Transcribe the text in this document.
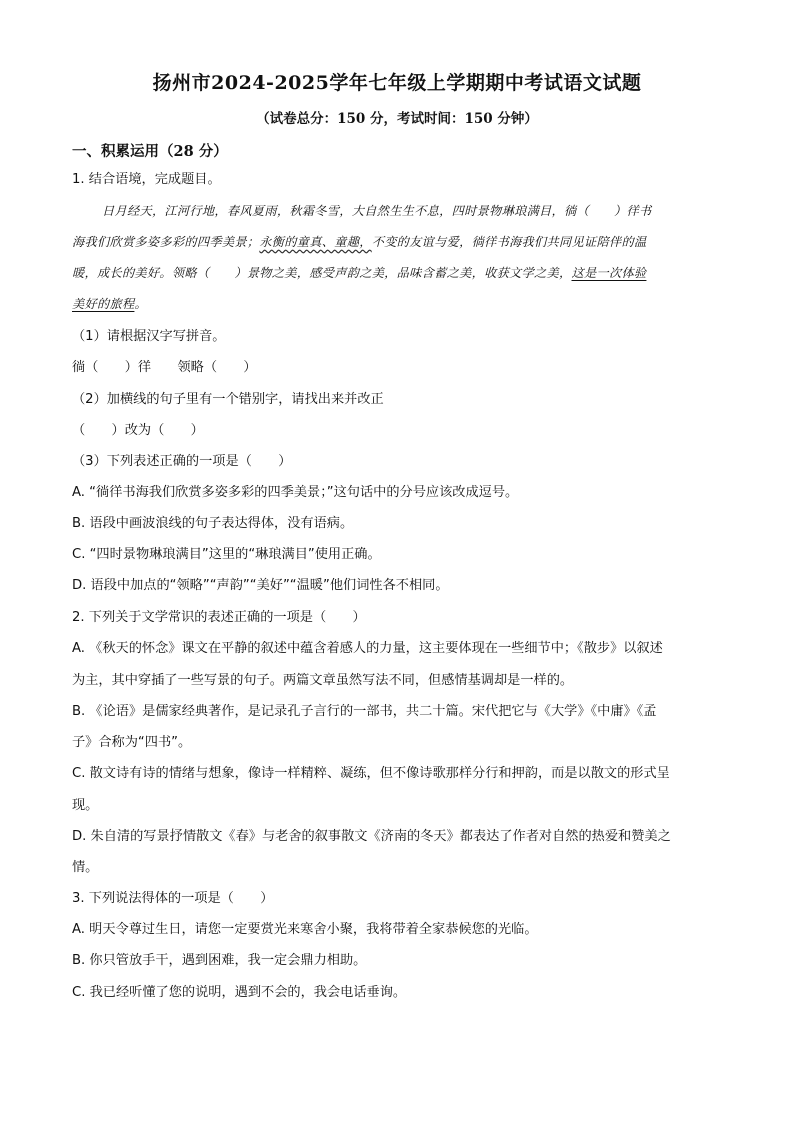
扬州市2024-2025学年七年级上学期期中考试语文试题
（试卷总分：150 分，考试时间：150 分钟）
一、积累运用（28 分）
1. 结合语境，完成题目。
日月经天，江河行地，春风夏雨，秋霜冬雪，大自然生生不息，四时景物琳琅满目，徜（　　）徉书
海我们欣赏多姿多彩的四季美景；永衡的童真、童趣，不变的友谊与爱，徜徉书海我们共同见证陪伴的温
暖，成长的美好。领略（　　）景物之美，感受声韵之美，品味含蓄之美，收获文学之美，这是一次体验
美好的旅程。
（1）请根据汉字写拼音。
徜（　　）徉　　领略（　　）
（2）加横线的句子里有一个错别字，请找出来并改正
（　　）改为（　　）
（3）下列表述正确的一项是（　　）
A. “徜徉书海我们欣赏多姿多彩的四季美景；”这句话中的分号应该改成逗号。
B. 语段中画波浪线的句子表达得体，没有语病。
C. “四时景物琳琅满目”这里的“琳琅满目”使用正确。
D. 语段中加点的“领略”“声韵”“美好”“温暖”他们词性各不相同。
2. 下列关于文学常识的表述正确的一项是（　　）
A. 《秋天的怀念》课文在平静的叙述中蕴含着感人的力量，这主要体现在一些细节中；《散步》以叙述
为主，其中穿插了一些写景的句子。两篇文章虽然写法不同，但感情基调却是一样的。
B. 《论语》是儒家经典著作，是记录孔子言行的一部书，共二十篇。宋代把它与《大学》《中庸》《孟
子》合称为“四书”。
C. 散文诗有诗的情绪与想象，像诗一样精粹、凝练，但不像诗歌那样分行和押韵，而是以散文的形式呈
现。
D. 朱自清的写景抒情散文《春》与老舍的叙事散文《济南的冬天》都表达了作者对自然的热爱和赞美之
情。
3. 下列说法得体的一项是（　　）
A. 明天令尊过生日，请您一定要赏光来寒舍小聚，我将带着全家恭候您的光临。
B. 你只管放手干，遇到困难，我一定会鼎力相助。
C. 我已经听懂了您的说明，遇到不会的，我会电话垂询。
